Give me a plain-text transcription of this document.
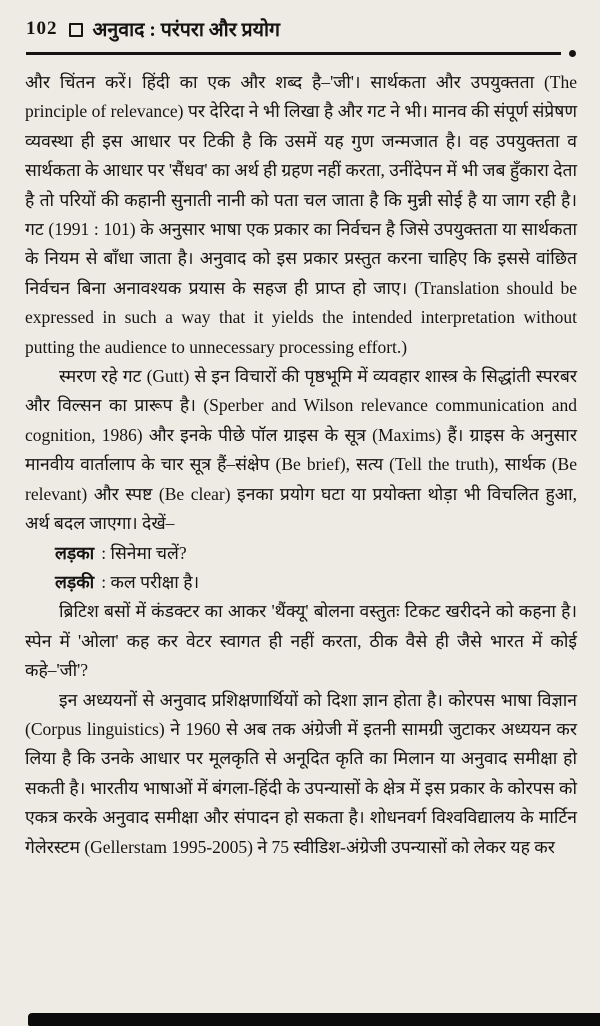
102 अनुवाद : परंपरा और प्रयोग

और चिंतन करें। हिंदी का एक और शब्द है–'जी'। सार्थकता और उपयुक्तता (The principle of relevance) पर देरिदा ने भी लिखा है और गट ने भी। मानव की संपूर्ण संप्रेषण व्यवस्था ही इस आधार पर टिकी है कि उसमें यह गुण जन्मजात है। वह उपयुक्तता व सार्थकता के आधार पर 'सैंधव' का अर्थ ही ग्रहण नहीं करता, उनींदेपन में भी जब हुँकारा देता है तो परियों की कहानी सुनाती नानी को पता चल जाता है कि मुन्नी सोई है या जाग रही है। गट (1991 : 101) के अनुसार भाषा एक प्रकार का निर्वचन है जिसे उपयुक्तता या सार्थकता के नियम से बाँधा जाता है। अनुवाद को इस प्रकार प्रस्तुत करना चाहिए कि इससे वांछित निर्वचन बिना अनावश्यक प्रयास के सहज ही प्राप्त हो जाए। (Translation should be expressed in such a way that it yields the intended interpretation without putting the audience to unnecessary processing effort.)

स्मरण रहे गट (Gutt) से इन विचारों की पृष्ठभूमि में व्यवहार शास्त्र के सिद्धांती स्परबर और विल्सन का प्रारूप है। (Sperber and Wilson relevance communication and cognition, 1986) और इनके पीछे पॉल ग्राइस के सूत्र (Maxims) हैं। ग्राइस के अनुसार मानवीय वार्तालाप के चार सूत्र हैं–संक्षेप (Be brief), सत्य (Tell the truth), सार्थक (Be relevant) और स्पष्ट (Be clear) इनका प्रयोग घटा या प्रयोक्ता थोड़ा भी विचलित हुआ, अर्थ बदल जाएगा। देखें–

लड़का : सिनेमा चलें?

लड़की : कल परीक्षा है।

ब्रिटिश बसों में कंडक्टर का आकर 'थैंक्यू' बोलना वस्तुतः टिकट खरीदने को कहना है। स्पेन में 'ओला' कह कर वेटर स्वागत ही नहीं करता, ठीक वैसे ही जैसे भारत में कोई कहे–'जी'?

इन अध्ययनों से अनुवाद प्रशिक्षणार्थियों को दिशा ज्ञान होता है। कोरपस भाषा विज्ञान (Corpus linguistics) ने 1960 से अब तक अंग्रेजी में इतनी सामग्री जुटाकर अध्ययन कर लिया है कि उनके आधार पर मूलकृति से अनूदित कृति का मिलान या अनुवाद समीक्षा हो सकती है। भारतीय भाषाओं में बंगला-हिंदी के उपन्यासों के क्षेत्र में इस प्रकार के कोरपस को एकत्र करके अनुवाद समीक्षा और संपादन हो सकता है। शोधनवर्ग विश्वविद्यालय के मार्टिन गेलेरस्टम (Gellerstam 1995-2005) ने 75 स्वीडिश-अंग्रेजी उपन्यासों को लेकर यह कर
